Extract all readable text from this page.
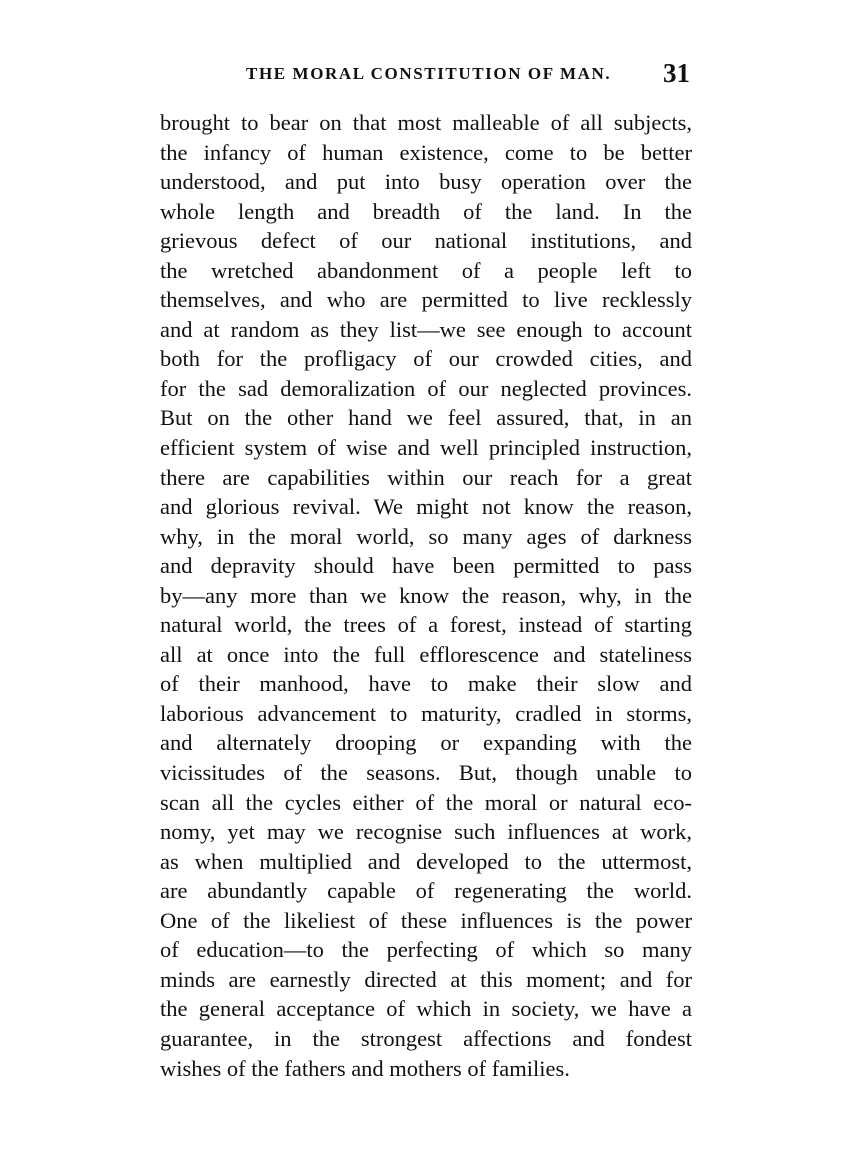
THE MORAL CONSTITUTION OF MAN. 31
brought to bear on that most malleable of all subjects,
the infancy of human existence, come to be better
understood, and put into busy operation over the
whole length and breadth of the land. In the
grievous defect of our national institutions, and
the wretched abandonment of a people left to
themselves, and who are permitted to live recklessly
and at random as they list—we see enough to account
both for the profligacy of our crowded cities, and
for the sad demoralization of our neglected provinces.
But on the other hand we feel assured, that, in an
efficient system of wise and well principled instruction,
there are capabilities within our reach for a great
and glorious revival. We might not know the reason,
why, in the moral world, so many ages of darkness
and depravity should have been permitted to pass
by—any more than we know the reason, why, in the
natural world, the trees of a forest, instead of starting
all at once into the full efflorescence and stateliness
of their manhood, have to make their slow and
laborious advancement to maturity, cradled in storms,
and alternately drooping or expanding with the
vicissitudes of the seasons. But, though unable to
scan all the cycles either of the moral or natural eco-
nomy, yet may we recognise such influences at work,
as when multiplied and developed to the uttermost,
are abundantly capable of regenerating the world.
One of the likeliest of these influences is the power
of education—to the perfecting of which so many
minds are earnestly directed at this moment; and for
the general acceptance of which in society, we have a
guarantee, in the strongest affections and fondest
wishes of the fathers and mothers of families.
